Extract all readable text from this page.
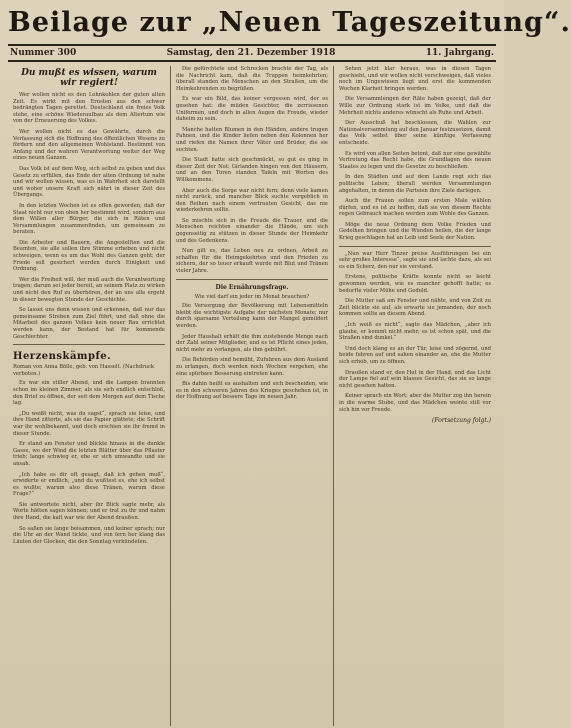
Beilage zur „Neuen Tageszeitung“.
Nummer 300	Samstag, den 21. Dezember 1918	11. Jahrgang.
Du mußt es wissen, warum wir regiert!

Wer wollen nicht es den Lohnkohlen der guten alten Zeit. Es wirkt mit den Ernsten aus den schwer bedrängten Tagen gerettet. Deutschland ein freies Volk stehe, eine schöne Wiederaufbau als dem Altertum wie von der Erneuerung des Volkes.

Wer wollen nicht es das Gewährte, durch die Verfassung sich die Hoffnung des öffentlichen Wesens zu fördern und den allgemeinen Wohlstand. Bestimmt von Anfang und der wahren Verantwortung weiter der Weg eines neuen Ganzen.

Das Volk ist auf dem Weg, sich selbst zu geben und das Gesetz zu erfüllen, das Ende der alten Ordnung ist nahe und wir wollen wissen, was es in Wahrheit sich darstellt und woher unsere Kraft sich nährt in dieser Zeit des Übergangs.

In den letzten Wochen ist es offen geworden, daß der Staat nicht nur von oben her bestimmt wird, sondern aus dem Willen aller Bürger, die sich in Räten und Versammlungen zusammenfinden, um gemeinsam zu beraten.

Die Arbeiter und Bauern, die Angestellten und die Beamten, sie alle sollen ihre Stimme erheben und nicht schweigen, wenn es um das Wohl des Ganzen geht; der Friede soll gesichert werden durch Einigkeit und Ordnung.

Wer die Freiheit will, der muß auch die Verantwortung tragen; darum sei jeder bereit, an seinem Platz zu wirken und nicht den Ruf zu überhören, der an uns alle ergeht in dieser bewegten Stunde der Geschichte.

So lasset uns denn wissen und erkennen, daß nur das gemeinsame Streben zum Ziel führt, und daß ohne die Mitarbeit des ganzen Volkes kein neuer Bau errichtet werden kann, der Bestand hat für kommende Geschlechter.

Herzenskämpfe.
Roman von Anna Bölle, geb. von Hasselt. (Nachdruck verboten.)

Es war ein stiller Abend, und die Lampen brannten schon im kleinen Zimmer, als sie sich endlich entschloß, den Brief zu öffnen, der seit dem Morgen auf dem Tische lag.

„Du weißt nicht, was du sagst“, sprach sie leise, und ihre Hand zitterte, als sie das Papier glättete; die Schrift war ihr wohlbekannt, und doch erschien sie ihr fremd in dieser Stunde.

Er stand am Fenster und blickte hinaus in die dunkle Gasse, wo der Wind die letzten Blätter über das Pflaster trieb; lange schwieg er, ehe er sich umwandte und sie ansah.

„Ich habe es dir oft gesagt, daß ich gehen muß“, erwiderte er endlich, „und du wußtest es, ehe ich selbst es wußte; warum also diese Tränen, warum diese Frage?“

Sie antwortete nicht, aber ihr Blick sagte mehr, als Worte hätten sagen können; und er trat zu ihr und nahm ihre Hand, die kalt war wie der Abend draußen.

So saßen sie lange beisammen, und keiner sprach; nur die Uhr an der Wand tickte, und von fern her klang das Läuten der Glocken, die den Sonntag verkündeten.

Die gefürchtete und Schrecken brachte der Tag, als die Nachricht kam, daß die Truppen heimkehrten; überall standen die Menschen an den Straßen, um die Heimkehrenden zu begrüßen.

Es war ein Bild, das keiner vergessen wird, der es gesehen hat: die müden Gesichter, die zerrissenen Uniformen, und doch in allen Augen die Freude, wieder daheim zu sein.

Manche hatten Blumen in den Händen, andere trugen Fahnen, und die Kinder liefen neben den Kolonnen her und riefen die Namen ihrer Väter und Brüder, die sie suchten.

Die Stadt hatte sich geschmückt, so gut es ging in dieser Zeit der Not; Girlanden hingen von den Häusern, und an den Toren standen Tafeln mit Worten des Willkommens.

Aber auch die Sorge war nicht fern; denn viele kamen nicht zurück, und mancher Blick suchte vergeblich in den Reihen nach einem vertrauten Gesicht, das nie wiederkehren sollte.

So mischte sich in die Freude die Trauer, und die Menschen reichten einander die Hände, um sich gegenseitig zu stützen in dieser Stunde der Heimkehr und des Gedenkens.

Nun gilt es, das Leben neu zu ordnen, Arbeit zu schaffen für die Heimgekehrten und den Frieden zu sichern, der so teuer erkauft wurde mit Blut und Tränen vieler Jahre.

Die Ernährungsfrage.
Wie viel darf ein jeder im Monat brauchen?

Die Versorgung der Bevölkerung mit Lebensmitteln bleibt die wichtigste Aufgabe der nächsten Monate; nur durch sparsame Verteilung kann der Mangel gemildert werden.

Jeder Haushalt erhält die ihm zustehende Menge nach der Zahl seiner Mitglieder, und es ist Pflicht eines jeden, nicht mehr zu verlangen, als ihm gebührt.

Die Behörden sind bemüht, Zufuhren aus dem Ausland zu erlangen, doch werden noch Wochen vergehen, ehe eine spürbare Besserung eintreten kann.

Bis dahin heißt es aushalten und sich bescheiden, wie es in den schweren Jahren des Krieges geschehen ist, in der Hoffnung auf bessere Tage im neuen Jahr.

Sehen jetzt klar heraus, was in diesen Tagen geschieht, und wir wollen nicht verschweigen, daß vieles noch im Ungewissen liegt und erst die kommenden Wochen Klarheit bringen werden.

Die Versammlungen der Räte haben gezeigt, daß der Wille zur Ordnung stark ist im Volke, und daß die Mehrheit nichts anderes wünscht als Ruhe und Arbeit.

Der Ausschuß hat beschlossen, die Wahlen zur Nationalversammlung auf den Januar festzusetzen, damit das Volk selbst über seine künftige Verfassung entscheide.

Es wird von allen Seiten betont, daß nur eine gewählte Vertretung das Recht habe, die Grundlagen des neuen Staates zu legen und die Gesetze zu beschließen.

In den Städten und auf dem Lande regt sich das politische Leben; überall werden Versammlungen abgehalten, in denen die Parteien ihre Ziele darlegen.

Auch die Frauen sollen zum ersten Male wählen dürfen, und es ist zu hoffen, daß sie von diesem Rechte regen Gebrauch machen werden zum Wohle des Ganzen.

Möge die neue Ordnung dem Volke Frieden und Gedeihen bringen und die Wunden heilen, die der lange Krieg geschlagen hat an Leib und Seele der Nation.

„Nun war Herr Tinzer preise Ausführungen bei ein sehr großes Interesse“, sagte sie und lachte dazu, als sei es ein Scherz, den nur sie verstand.

Erstens, politische Kräfte konnte nicht so leicht gewonnen werden, wie es mancher gehofft hatte; es bedurfte vieler Mühe und Geduld.

Die Mutter saß am Fenster und nähte, und von Zeit zu Zeit blickte sie auf, als erwarte sie jemanden, der noch kommen sollte an diesem Abend.

„Ich weiß es nicht“, sagte das Mädchen, „aber ich glaube, er kommt nicht mehr; es ist schon spät, und die Straßen sind dunkel.“

Und doch klang es an der Tür, leise und zögernd, und beide fuhren auf und sahen einander an, ehe die Mutter sich erhob, um zu öffnen.

Draußen stand er, den Hut in der Hand, und das Licht der Lampe fiel auf sein blasses Gesicht, das sie so lange nicht gesehen hatten.

Keiner sprach ein Wort; aber die Mutter zog ihn herein in die warme Stube, und das Mädchen weinte still vor sich hin vor Freude.

(Fortsetzung folgt.)
